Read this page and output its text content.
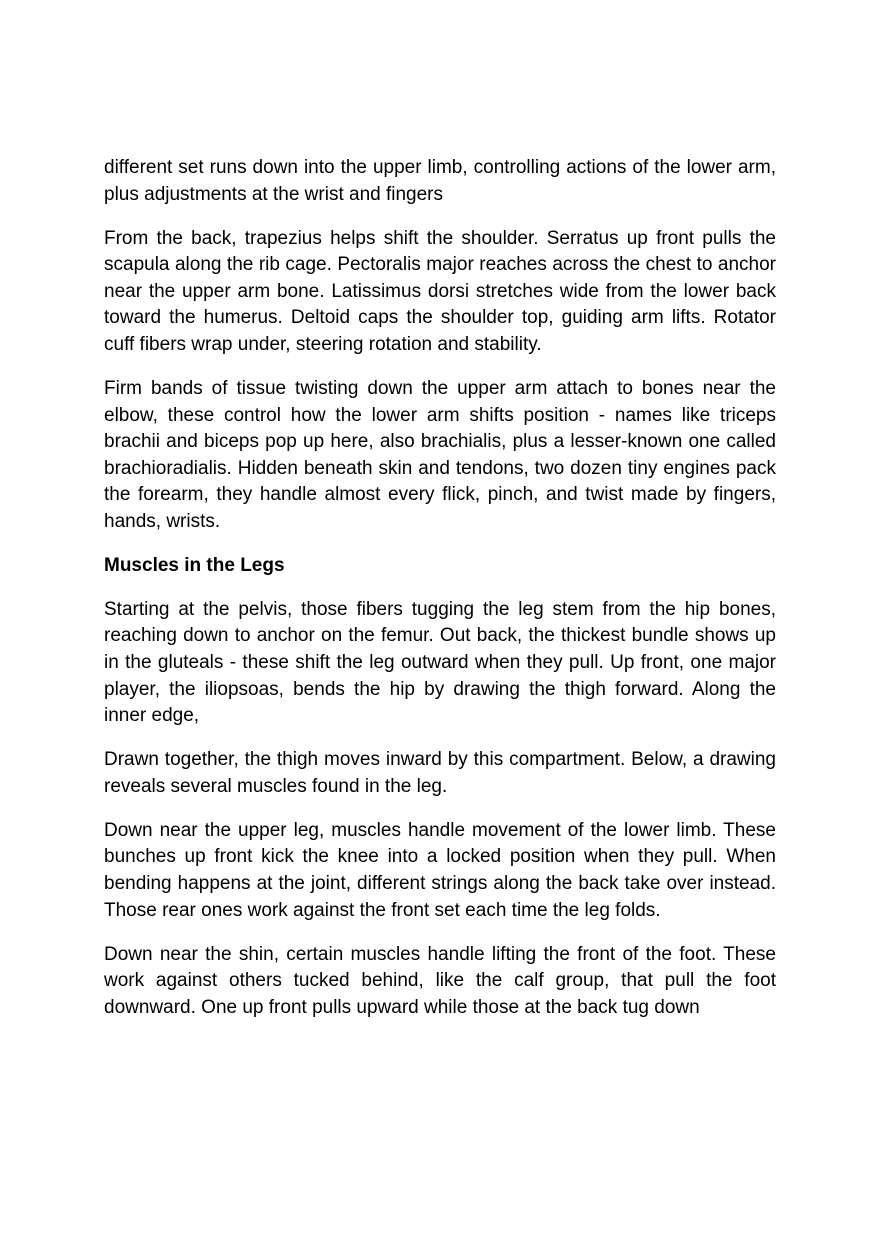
different set runs down into the upper limb, controlling actions of the lower arm, plus adjustments at the wrist and fingers

From the back, trapezius helps shift the shoulder. Serratus up front pulls the scapula along the rib cage. Pectoralis major reaches across the chest to anchor near the upper arm bone. Latissimus dorsi stretches wide from the lower back toward the humerus. Deltoid caps the shoulder top, guiding arm lifts. Rotator cuff fibers wrap under, steering rotation and stability.

Firm bands of tissue twisting down the upper arm attach to bones near the elbow, these control how the lower arm shifts position - names like triceps brachii and biceps pop up here, also brachialis, plus a lesser-known one called brachioradialis. Hidden beneath skin and tendons, two dozen tiny engines pack the forearm, they handle almost every flick, pinch, and twist made by fingers, hands, wrists.

Muscles in the Legs

Starting at the pelvis, those fibers tugging the leg stem from the hip bones, reaching down to anchor on the femur. Out back, the thickest bundle shows up in the gluteals - these shift the leg outward when they pull. Up front, one major player, the iliopsoas, bends the hip by drawing the thigh forward. Along the inner edge,

Drawn together, the thigh moves inward by this compartment. Below, a drawing reveals several muscles found in the leg.

Down near the upper leg, muscles handle movement of the lower limb. These bunches up front kick the knee into a locked position when they pull. When bending happens at the joint, different strings along the back take over instead. Those rear ones work against the front set each time the leg folds.

Down near the shin, certain muscles handle lifting the front of the foot. These work against others tucked behind, like the calf group, that pull the foot downward. One up front pulls upward while those at the back tug down
